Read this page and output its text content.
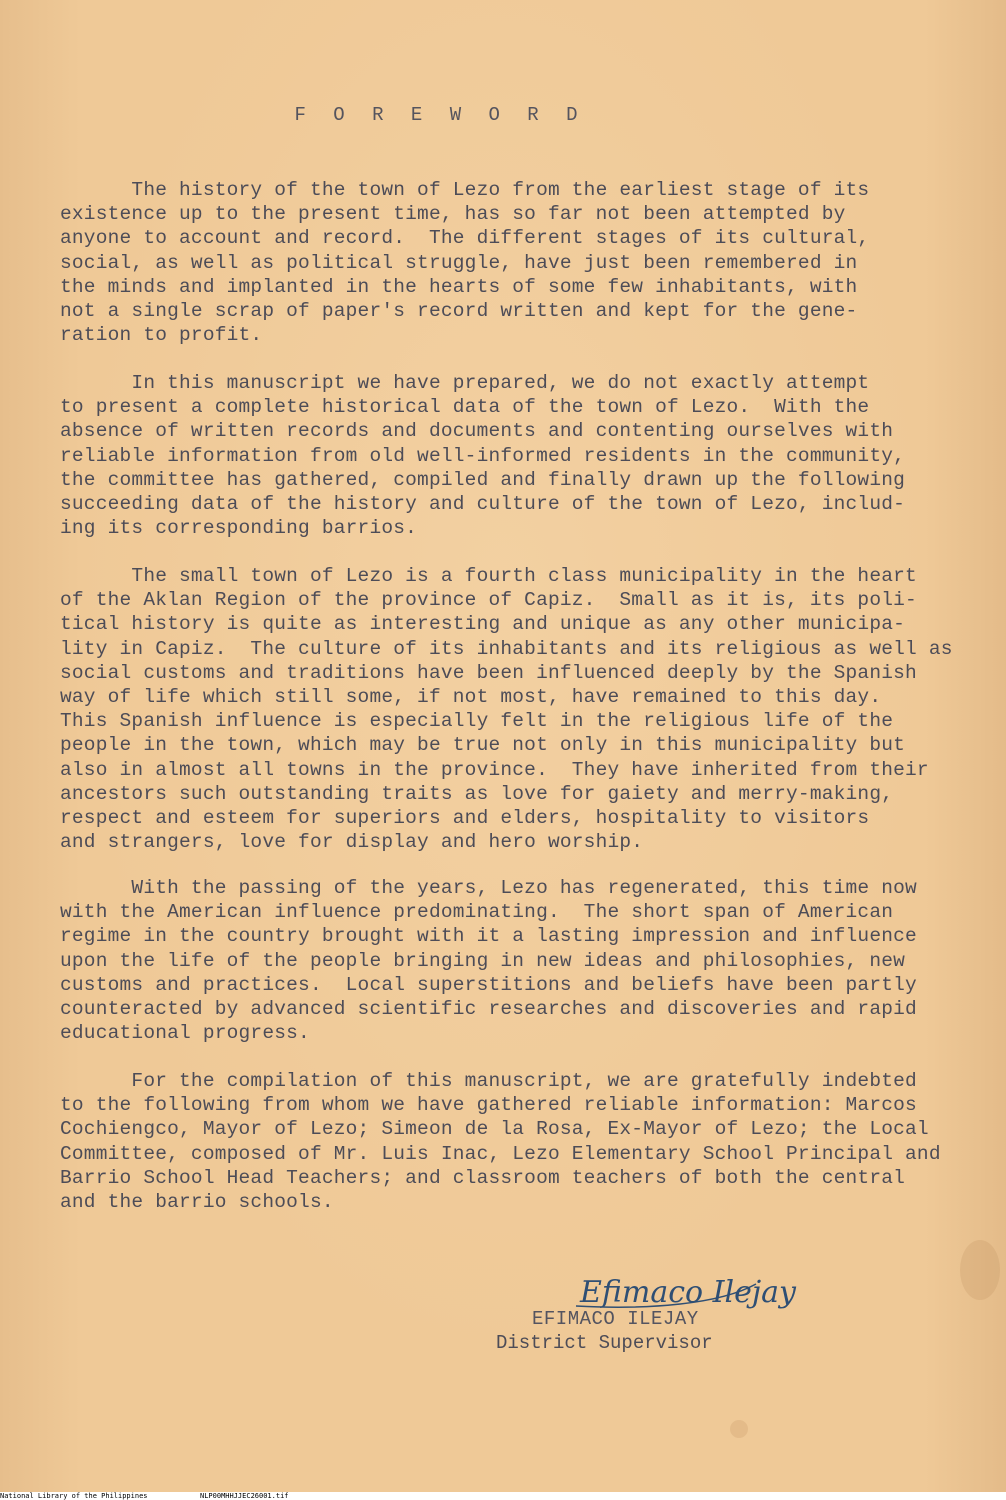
F O R E W O R D
The history of the town of Lezo from the earliest stage of its
existence up to the present time, has so far not been attempted by
anyone to account and record.  The different stages of its cultural,
social, as well as political struggle, have just been remembered in
the minds and implanted in the hearts of some few inhabitants, with
not a single scrap of paper's record written and kept for the gene-
ration to profit.
In this manuscript we have prepared, we do not exactly attempt
to present a complete historical data of the town of Lezo.  With the
absence of written records and documents and contenting ourselves with
reliable information from old well-informed residents in the community,
the committee has gathered, compiled and finally drawn up the following
succeeding data of the history and culture of the town of Lezo, includ-
ing its corresponding barrios.
The small town of Lezo is a fourth class municipality in the heart
of the Aklan Region of the province of Capiz.  Small as it is, its poli-
tical history is quite as interesting and unique as any other municipa-
lity in Capiz.  The culture of its inhabitants and its religious as well as
social customs and traditions have been influenced deeply by the Spanish
way of life which still some, if not most, have remained to this day.
This Spanish influence is especially felt in the religious life of the
people in the town, which may be true not only in this municipality but
also in almost all towns in the province.  They have inherited from their
ancestors such outstanding traits as love for gaiety and merry-making,
respect and esteem for superiors and elders, hospitality to visitors
and strangers, love for display and hero worship.
With the passing of the years, Lezo has regenerated, this time now
with the American influence predominating.  The short span of American
regime in the country brought with it a lasting impression and influence
upon the life of the people bringing in new ideas and philosophies, new
customs and practices.  Local superstitions and beliefs have been partly
counteracted by advanced scientific researches and discoveries and rapid
educational progress.
For the compilation of this manuscript, we are gratefully indebted
to the following from whom we have gathered reliable information: Marcos
Cochiengco, Mayor of Lezo; Simeon de la Rosa, Ex-Mayor of Lezo; the Local
Committee, composed of Mr. Luis Inac, Lezo Elementary School Principal and
Barrio School Head Teachers; and classroom teachers of both the central
and the barrio schools.
Efimaco Ilejay
EFIMACO ILEJAY
District Supervisor
National Library of the Philippines	NLP00MHHJJEC26001.tif
